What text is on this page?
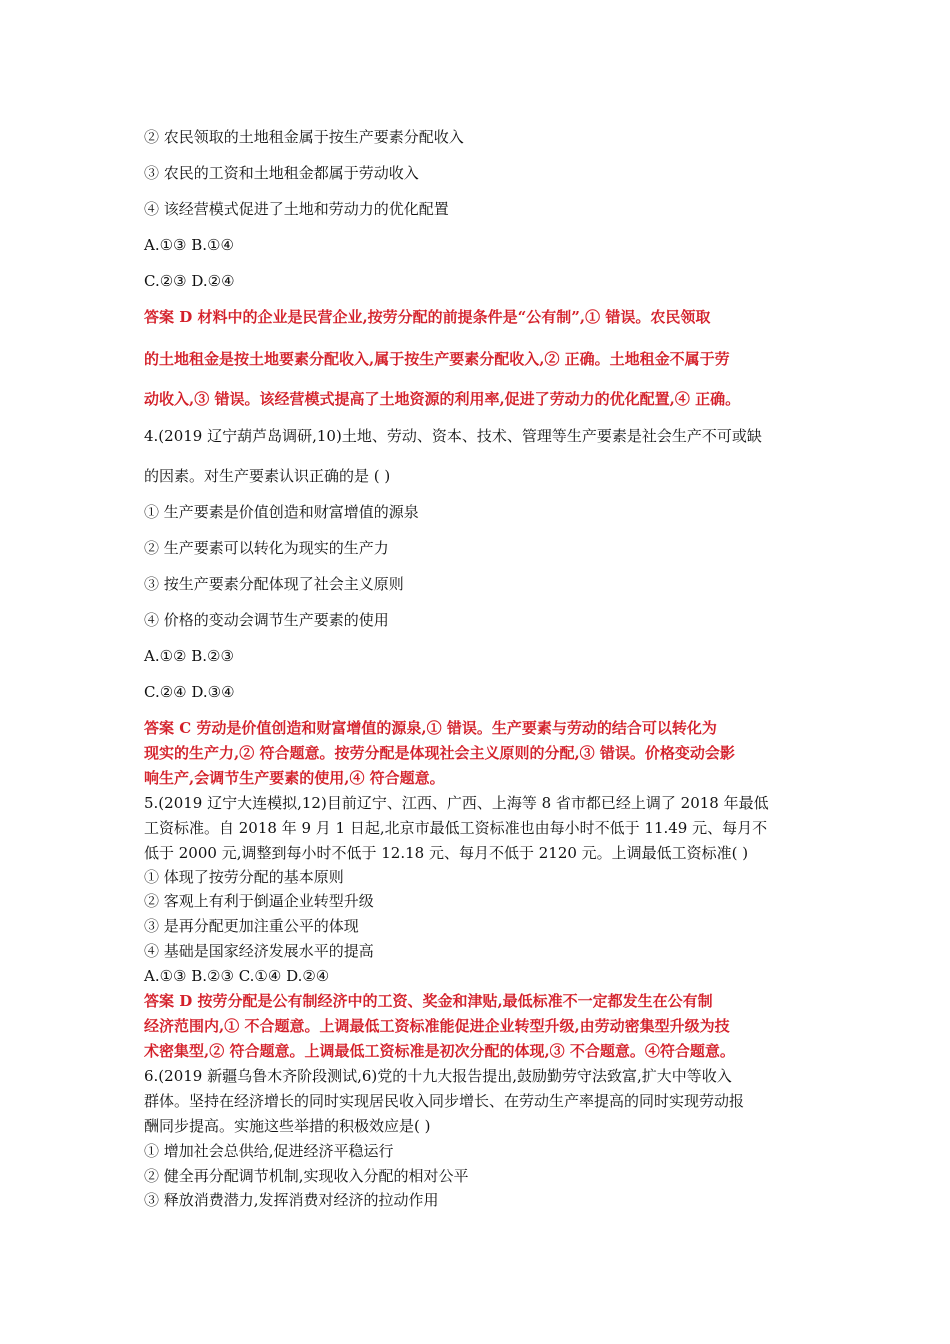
② 农民领取的土地租金属于按生产要素分配收入
③ 农民的工资和土地租金都属于劳动收入
④ 该经营模式促进了土地和劳动力的优化配置
A.①③ B.①④
C.②③ D.②④
答案 D 材料中的企业是民营企业,按劳分配的前提条件是“公有制”,① 错误。农民领取
的土地租金是按土地要素分配收入,属于按生产要素分配收入,② 正确。土地租金不属于劳
动收入,③ 错误。该经营模式提高了土地资源的利用率,促进了劳动力的优化配置,④ 正确。
4.(2019 辽宁葫芦岛调研,10)土地、劳动、资本、技术、管理等生产要素是社会生产不可或缺
的因素。对生产要素认识正确的是 ( )
① 生产要素是价值创造和财富增值的源泉
② 生产要素可以转化为现实的生产力
③ 按生产要素分配体现了社会主义原则
④ 价格的变动会调节生产要素的使用
A.①② B.②③
C.②④ D.③④
答案 C 劳动是价值创造和财富增值的源泉,① 错误。生产要素与劳动的结合可以转化为
现实的生产力,② 符合题意。按劳分配是体现社会主义原则的分配,③ 错误。价格变动会影
响生产,会调节生产要素的使用,④ 符合题意。
5.(2019 辽宁大连模拟,12)目前辽宁、江西、广西、上海等 8 省市都已经上调了 2018 年最低
工资标准。自 2018 年 9 月 1 日起,北京市最低工资标准也由每小时不低于 11.49 元、每月不
低于 2000 元,调整到每小时不低于 12.18 元、每月不低于 2120 元。上调最低工资标准( )
① 体现了按劳分配的基本原则
② 客观上有利于倒逼企业转型升级
③ 是再分配更加注重公平的体现
④ 基础是国家经济发展水平的提高
A.①③ B.②③ C.①④ D.②④
答案 D 按劳分配是公有制经济中的工资、奖金和津贴,最低标准不一定都发生在公有制
经济范围内,① 不合题意。上调最低工资标准能促进企业转型升级,由劳动密集型升级为技
术密集型,② 符合题意。上调最低工资标准是初次分配的体现,③ 不合题意。④符合题意。
6.(2019 新疆乌鲁木齐阶段测试,6)党的十九大报告提出,鼓励勤劳守法致富,扩大中等收入
群体。坚持在经济增长的同时实现居民收入同步增长、在劳动生产率提高的同时实现劳动报
酬同步提高。实施这些举措的积极效应是( )
① 增加社会总供给,促进经济平稳运行
② 健全再分配调节机制,实现收入分配的相对公平
③ 释放消费潜力,发挥消费对经济的拉动作用
